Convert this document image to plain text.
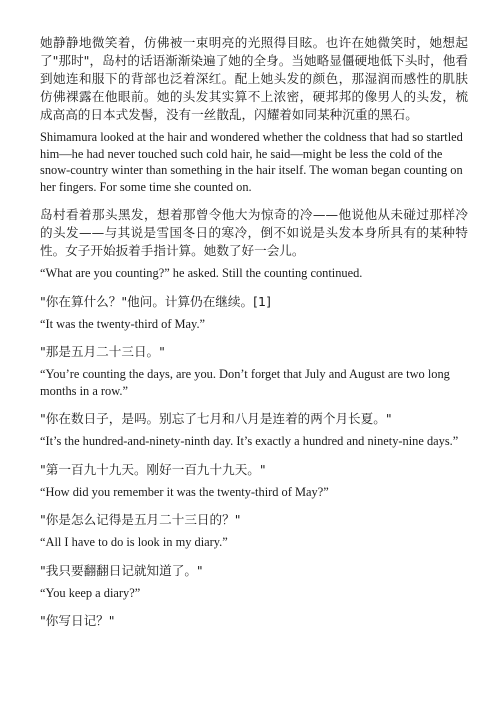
她静静地微笑着，仿佛被一束明亮的光照得目眩。也许在她微笑时，她想起了"那时"，岛村的话语渐渐染遍了她的全身。当她略显僵硬地低下头时，他看到她连和服下的背部也泛着深红。配上她头发的颜色，那湿润而感性的肌肤仿佛裸露在他眼前。她的头发其实算不上浓密，硬邦邦的像男人的头发，梳成高高的日本式发髻，没有一丝散乱，闪耀着如同某种沉重的黑石。

Shimamura looked at the hair and wondered whether the coldness that had so startled him—he had never touched such cold hair, he said—might be less the cold of the snow-country winter than something in the hair itself. The woman began counting on her fingers. For some time she counted on.

岛村看着那头黑发，想着那曾令他大为惊奇的冷——他说他从未碰过那样冷的头发——与其说是雪国冬日的寒冷，倒不如说是头发本身所具有的某种特性。女子开始扳着手指计算。她数了好一会儿。

“What are you counting?” he asked. Still the counting continued.

"你在算什么？"他问。计算仍在继续。[1]

“It was the twenty-third of May.”

"那是五月二十三日。"

“You’re counting the days, are you. Don’t forget that July and August are two long months in a row.”

"你在数日子，是吗。别忘了七月和八月是连着的两个月长夏。"

“It’s the hundred-and-ninety-ninth day. It’s exactly a hundred and ninety-nine days.”

"第一百九十九天。刚好一百九十九天。"

“How did you remember it was the twenty-third of May?”

"你是怎么记得是五月二十三日的？"

“All I have to do is look in my diary.”

"我只要翻翻日记就知道了。"

“You keep a diary?”

"你写日记？"
